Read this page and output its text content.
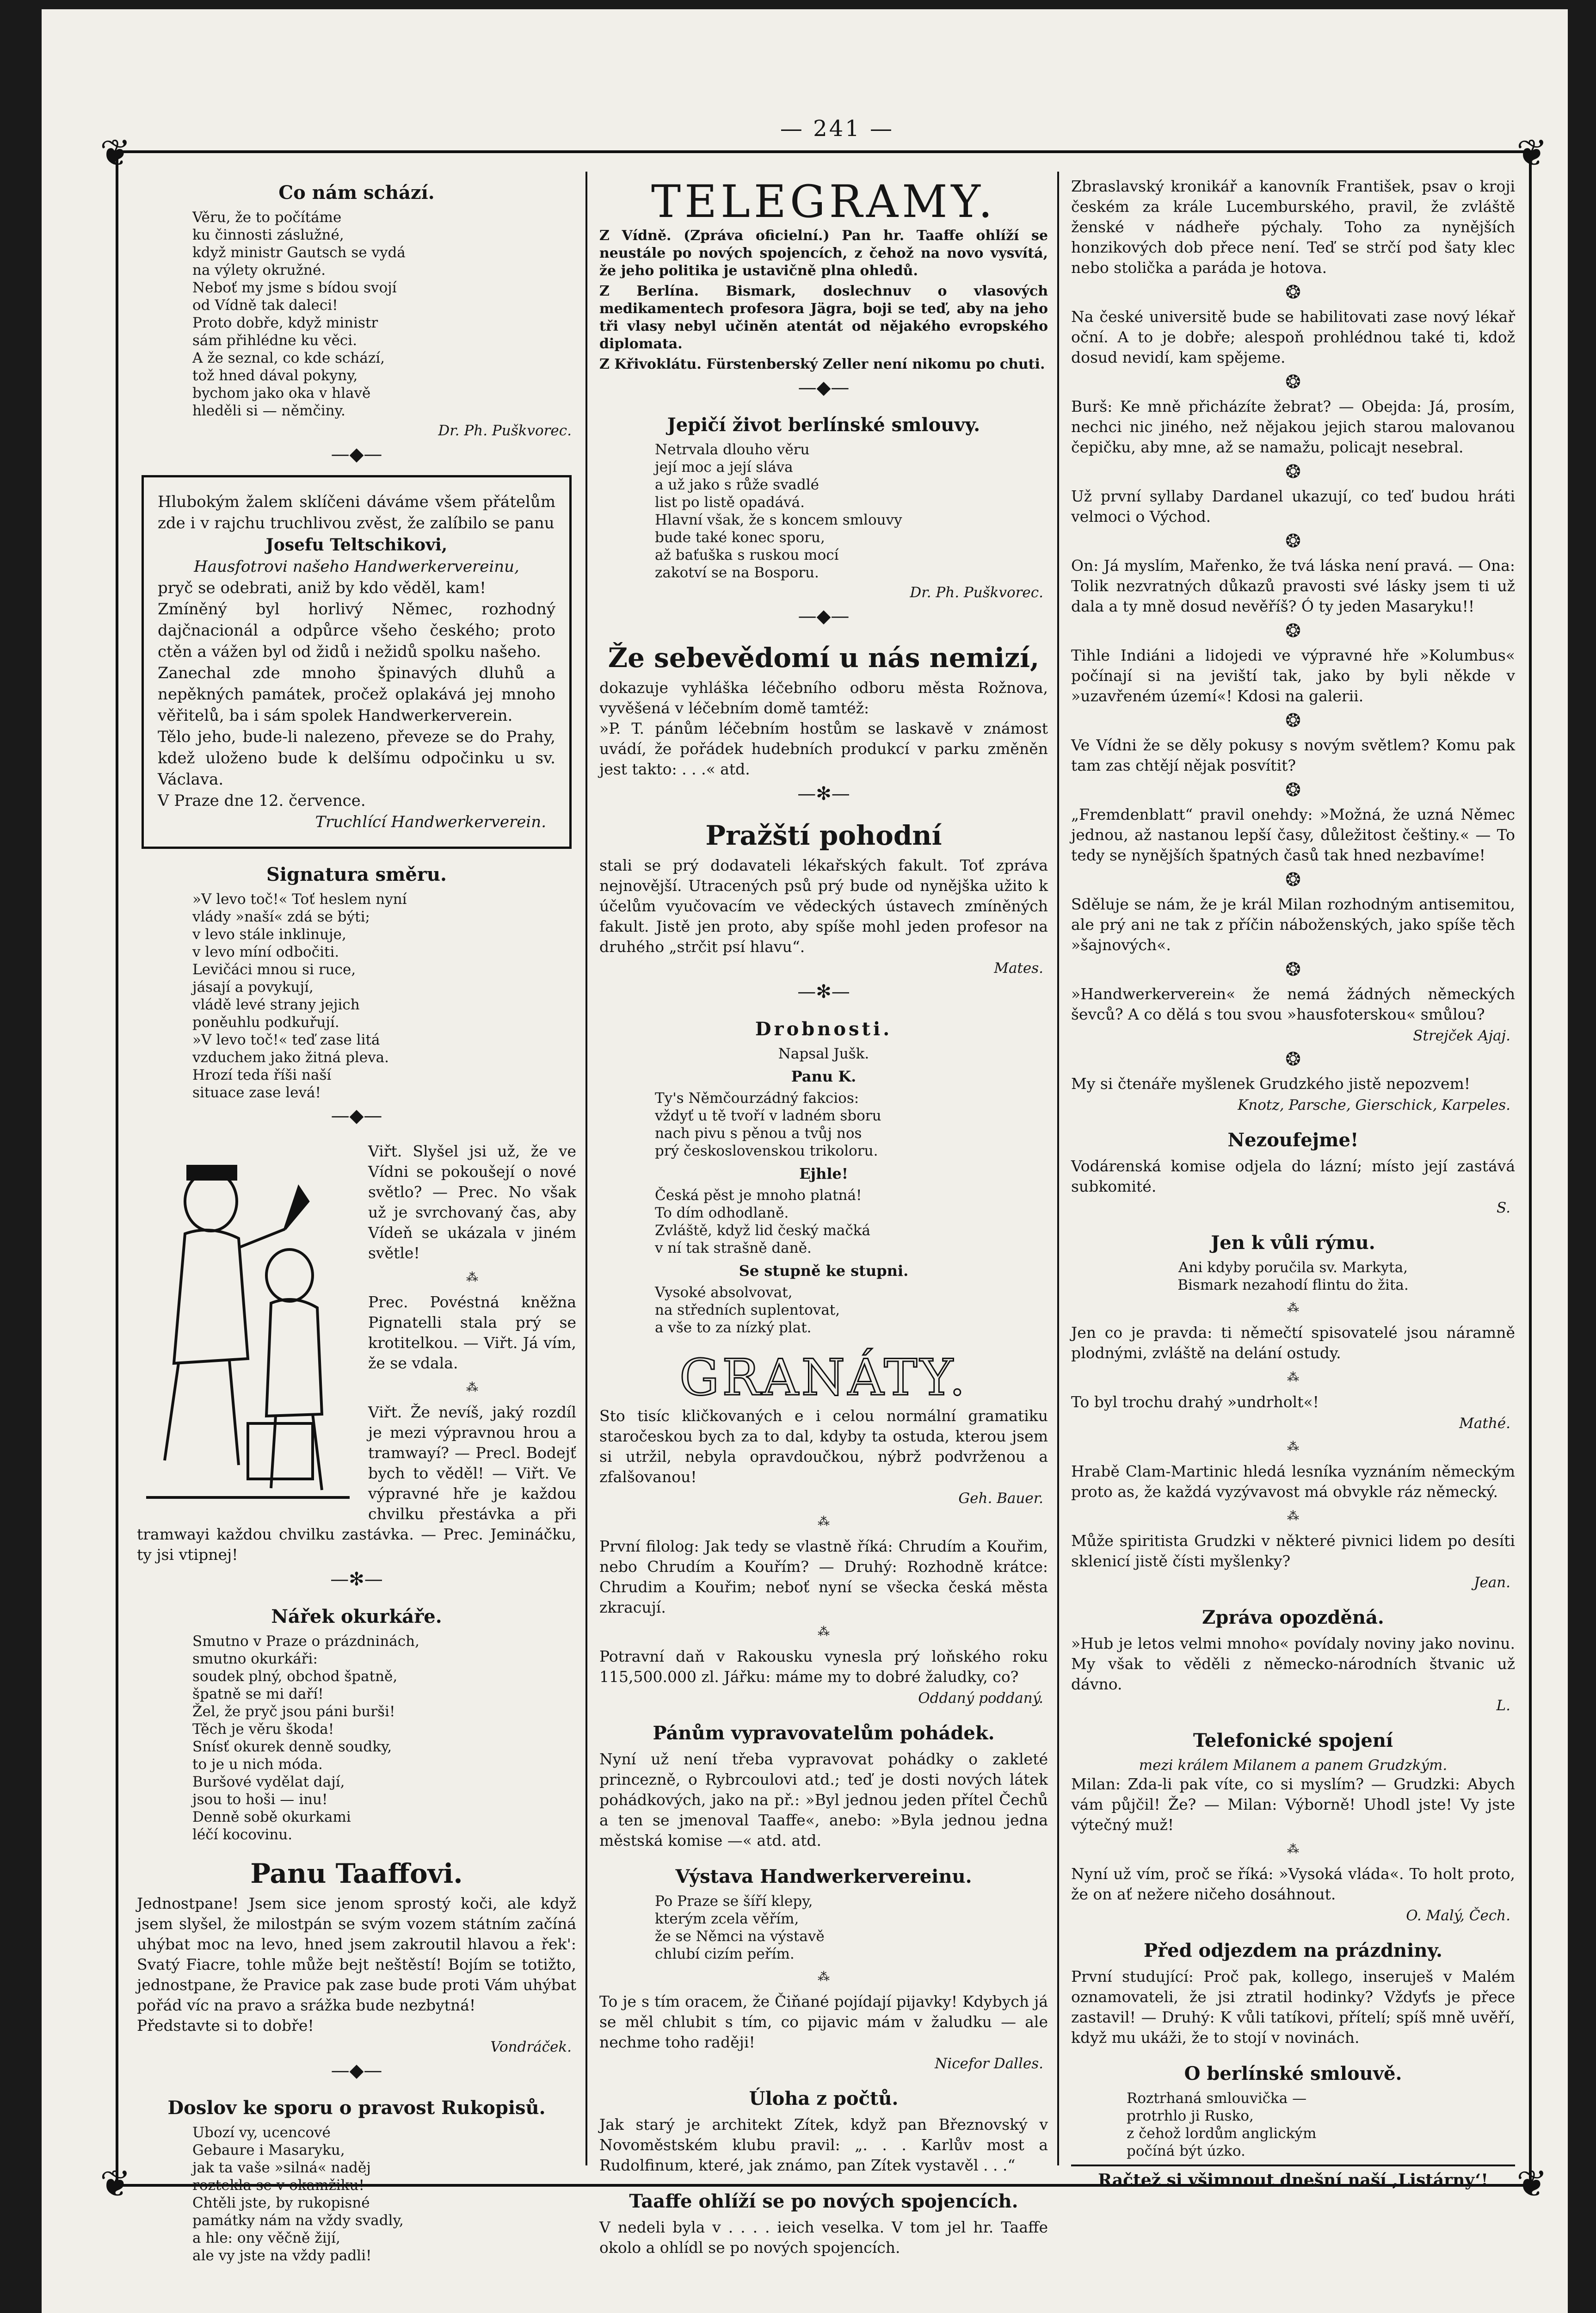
— 241 —
❦	❦
❦	❦
Co nám schází.
Věru, že to počítáme
ku činnosti záslužné,
když ministr Gautsch se vydá
na výlety okružné.
Neboť my jsme s bídou svojí
od Vídně tak daleci!
Proto dobře, když ministr
sám přihlédne ku věci.
A že seznal, co kde schází,
tož hned dával pokyny,
bychom jako oka v hlavě
hleděli si — němčiny.
Dr. Ph. Puškvorec.
—◆—

Hlubokým žalem sklíčeni dáváme všem přátelům zde i v rajchu truchlivou zvěst, že zalíbilo se panu

Josefu Teltschikovi,
Hausfotrovi našeho Handwerkervereinu,

pryč se odebrati, aniž by kdo věděl, kam!

Zmíněný byl horlivý Němec, rozhodný dajčnacionál a odpůrce všeho českého; proto ctěn a vážen byl od židů i nežidů spolku našeho.

Zanechal zde mnoho špinavých dluhů a nepěkných památek, pročež oplakává jej mnoho věřitelů, ba i sám spolek Handwerkerverein.

Tělo jeho, bude-li nalezeno, převeze se do Prahy, kdež uloženo bude k delšímu odpočinku u sv. Václava.

V Praze dne 12. července.

Truchlící Handwerkerverein.
Signatura směru.
»V levo toč!« Toť heslem nyní
vlády »naší« zdá se býti;
v levo stále inklinuje,
v levo míní odbočiti.
Levičáci mnou si ruce,
jásají a povykují,
vládě levé strany jejich
poněuhlu podkuřují.
»V levo toč!« teď zase litá
vzduchem jako žitná pleva.
Hrozí teda říši naší
situace zase levá!
—◆—

Viřt. Slyšel jsi už, že ve Vídni se pokoušejí o nové světlo? — Prec. No však už je svrchovaný čas, aby Vídeň se ukázala v jiném světle!

⁂

Prec. Povéstná kněžna Pignatelli stala prý se krotitelkou. — Viřt. Já vím, že se vdala.

⁂

Viřt. Že nevíš, jaký rozdíl je mezi výpravnou hrou a tramwayí? — Precl. Bodejť bych to věděl! — Viřt. Ve výpravné hře je každou chvilku přestávka a při tramwayi každou chvilku zastávka. — Prec. Jemináčku, ty jsi vtipnej!

—✻—
Nářek okurkáře.
Smutno v Praze o prázdninách,
smutno okurkáři:
soudek plný, obchod špatně,
špatně se mi daří!
Žel, že pryč jsou páni burši!
Těch je věru škoda!
Snísť okurek denně soudky,
to je u nich móda.
Buršové vydělat dají,
jsou to hoši — inu!
Denně sobě okurkami
léčí kocovinu.
Panu Taaffovi.

Jednostpane! Jsem sice jenom sprostý koči, ale když jsem slyšel, že milostpán se svým vozem státním začíná uhýbat moc na levo, hned jsem zakroutil hlavou a řek': Svatý Fiacre, tohle může bejt neštěstí! Bojím se totižto, jednostpane, že Pravice pak zase bude proti Vám uhýbat pořád víc na pravo a srážka bude nezbytná!

Představte si to dobře!

Vondráček.
—◆—
Doslov ke sporu o pravost Rukopisů.
Ubozí vy, ucencové
Gebaure i Masaryku,
jak ta vaše »silná« naděj
roztekla se v okamžiku!
Chtěli jste, by rukopisné
památky nám na vždy svadly,
a hle: ony věčně žijí,
ale vy jste na vždy padli!
TELEGRAMY.

Z Vídně. (Zpráva oficielní.) Pan hr. Taaffe ohlíží se neustále po nových spojencích, z čehož na novo vysvítá, že jeho politika je ustavičně plna ohledů.

Z Berlína. Bismark, doslechnuv o vlasových medikamentech profesora Jägra, boji se teď, aby na jeho tři vlasy nebyl učiněn atentát od nějakého evropského diplomata.

Z Křivoklátu. Fürstenberský Zeller není nikomu po chuti.

—◆—
Jepičí život berlínské smlouvy.
Netrvala dlouho věru
její moc a její sláva
a už jako s růže svadlé
list po listě opadává.
Hlavní však, že s koncem smlouvy
bude také konec sporu,
až baťuška s ruskou mocí
zakotví se na Bosporu.
Dr. Ph. Puškvorec.
—◆—
Že sebevědomí u nás nemizí,

dokazuje vyhláška léčebního odboru města Rožnova, vyvěšená v léčebním domě tamtéž:

»P. T. pánům léčebním hostům se laskavě v známost uvádí, že pořádek hudebních produkcí v parku změněn jest takto: . . .« atd.

—✻—
Pražští pohodní

stali se prý dodavateli lékařských fakult. Toť zpráva nejnovější. Utracených psů prý bude od nynějška užito k účelům vyučovacím ve vědeckých ústavech zmíněných fakult. Jistě jen proto, aby spíše mohl jeden profesor na druhého „strčit psí hlavu“.

Mates.
—✻—
Drobnosti.
Napsal Jušk.
Panu K.
Ty's Němčourzádný fakcios:
vždyť u tě tvoří v ladném sboru
nach pivu s pěnou a tvůj nos
prý československou trikoloru.
Ejhle!
Česká pěst je mnoho platná!
To dím odhodlaně.
Zvláště, když lid český mačká
v ní tak strašně daně.
Se stupně ke stupni.
Vysoké absolvovat,
na středních suplentovat,
a vše to za nízký plat.
GRANÁTY.

Sto tisíc kličkovaných e i celou normální gramatiku staročeskou bych za to dal, kdyby ta ostuda, kterou jsem si utržil, nebyla opravdoučkou, nýbrž podvrženou a zfalšovanou!

Geh. Bauer.
⁂

První filolog: Jak tedy se vlastně říká: Chrudím a Kouřim, nebo Chrudím a Kouřím? — Druhý: Rozhodně krátce: Chrudim a Kouřim; neboť nyní se všecka česká města zkracují.

⁂

Potravní daň v Rakousku vynesla prý loňského roku 115,500.000 zl. Jářku: máme my to dobré žaludky, co?

Oddaný poddaný.
Pánům vypravovatelům pohádek.

Nyní už není třeba vypravovat pohádky o zakleté princezně, o Rybrcoulovi atd.; teď je dosti nových látek pohádkových, jako na př.: »Byl jednou jeden přítel Čechů a ten se jmenoval Taaffe«, anebo: »Byla jednou jedna městská komise —« atd. atd.

Výstava Handwerkervereinu.
Po Praze se šíří klepy,
kterým zcela věřím,
že se Němci na výstavě
chlubí cizím peřím.
⁂

To je s tím oracem, že Čiňané pojídají pijavky! Kdybych já se měl chlubit s tím, co pijavic mám v žaludku — ale nechme toho raději!

Nicefor Dalles.
Úloha z počtů.

Jak starý je architekt Zítek, když pan Březnovský v Novoměstském klubu pravil: „. . . Karlův most a Rudolfinum, které, jak známo, pan Zítek vystavěl . . .“

Taaffe ohlíží se po nových spojencích.

V nedeli byla v . . . . ieich veselka. V tom jel hr. Taaffe okolo a ohlídl se po nových spojencích.

Zbraslavský kronikář a kanovník František, psav o kroji českém za krále Lucemburského, pravil, že zvláště ženské v nádheře pýchaly. Toho za nynějších honzikových dob přece není. Teď se strčí pod šaty klec nebo stolička a paráda je hotova.

❂

Na české universitě bude se habilitovati zase nový lékař oční. A to je dobře; alespoň prohlédnou také ti, kdož dosud nevidí, kam spějeme.

❂

Burš: Ke mně přicházíte žebrat? — Obejda: Já, prosím, nechci nic jiného, než nějakou jejich starou malovanou čepičku, aby mne, až se namažu, policajt nesebral.

❂

Už první syllaby Dardanel ukazují, co teď budou hráti velmoci o Východ.

❂

On: Já myslím, Mařenko, že tvá láska není pravá. — Ona: Tolik nezvratných důkazů pravosti své lásky jsem ti už dala a ty mně dosud nevěříš? Ó ty jeden Masaryku!!

❂

Tihle Indiáni a lidojedi ve výpravné hře »Kolumbus« počínají si na jeviští tak, jako by byli někde v »uzavřeném území«! Kdosi na galerii.

❂

Ve Vídni že se děly pokusy s novým světlem? Komu pak tam zas chtějí nějak posvítit?

❂

„Fremdenblatt“ pravil onehdy: »Možná, že uzná Němec jednou, až nastanou lepší časy, důležitost češtiny.« — To tedy se nynějších špatných časů tak hned nezbavíme!

❂

Sděluje se nám, že je král Milan rozhodným antisemitou, ale prý ani ne tak z příčin náboženských, jako spíše těch »šajnových«.

❂

»Handwerkerverein« že nemá žádných německých ševců? A co dělá s tou svou »hausfoterskou« smůlou?

Strejček Ajaj.
❂

My si čtenáře myšlenek Grudzkého jistě nepozvem!

Knotz, Parsche, Gierschick, Karpeles.
Nezoufejme!

Vodárenská komise odjela do lázní; místo její zastává subkomité.

S.
Jen k vůli rýmu.
Ani kdyby poručila sv. Markyta,
Bismark nezahodí flintu do žita.
⁂

Jen co je pravda: ti němečtí spisovatelé jsou náramně plodnými, zvláště na delání ostudy.

⁂

To byl trochu drahý »undrholt«!

Mathé.
⁂

Hrabě Clam-Martinic hledá lesníka vyznáním německým proto as, že každá vyzývavost má obvykle ráz německý.

⁂

Může spiritista Grudzki v některé pivnici lidem po desíti sklenicí jistě čísti myšlenky?

Jean.
Zpráva opozděná.

»Hub je letos velmi mnoho« povídaly noviny jako novinu. My však to věděli z německo-národních štvanic už dávno.

L.
Telefonické spojení
mezi králem Milanem a panem Grudzkým.

Milan: Zda-li pak víte, co si myslím? — Grudzki: Abych vám půjčil! Že? — Milan: Výborně! Uhodl jste! Vy jste výtečný muž!

⁂

Nyní už vím, proč se říká: »Vysoká vláda«. To holt proto, že on ať nežere ničeho dosáhnout.

O. Malý, Čech.
Před odjezdem na prázdniny.

První studující: Proč pak, kollego, inseruješ v Malém oznamovateli, že jsi ztratil hodinky? Vždyťs je přece zastavil! — Druhý: K vůli tatíkovi, přítelí; spíš mně uvěří, když mu ukáži, že to stojí v novinách.

O berlínské smlouvě.
Roztrhaná smlouvička —
protrhlo ji Rusko,
z čehož lordům anglickým
počíná být úzko.
Račtež si všimnout dnešní naší ,Listárny‘!
